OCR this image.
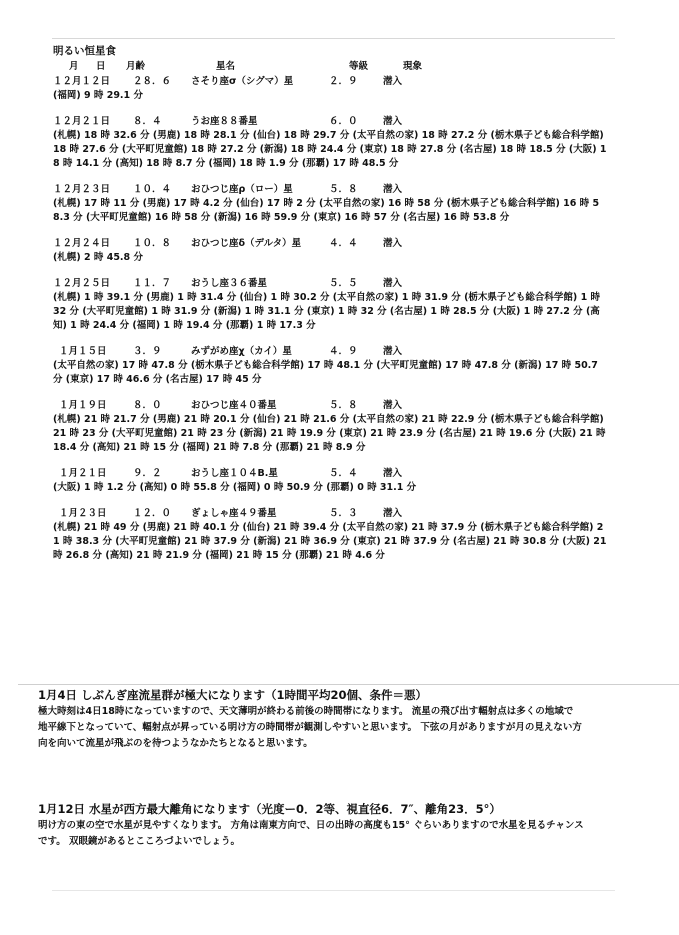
明るい恒星食
月	日	月齢	星名	等級	現象
１２月１２日 ２８．６ さそり座σ（シグマ）星	２．９	潜入
(福岡) 9 時 29.1 分
１２月２１日 ８．４	うお座８８番星	６．０	潜入
(札幌) 18 時 32.6 分 (男鹿) 18 時 28.1 分 (仙台) 18 時 29.7 分 (太平自然の家) 18 時 27.2 分 (栃木県子ども総合科学館) 18 時 27.6 分 (大平町児童館) 18 時 27.2 分 (新潟) 18 時 24.4 分 (東京) 18 時 27.8 分 (名古屋) 18 時 18.5 分 (大阪) 18 時 14.1 分 (高知) 18 時 8.7 分 (福岡) 18 時 1.9 分 (那覇) 17 時 48.5 分
１２月２３日 １０．４ おひつじ座ρ（ロー）星	５．８	潜入
(札幌) 17 時 11 分 (男鹿) 17 時 4.2 分 (仙台) 17 時 2 分 (太平自然の家) 16 時 58 分 (栃木県子ども総合科学館) 16 時 58.3 分 (大平町児童館) 16 時 58 分 (新潟) 16 時 59.9 分 (東京) 16 時 57 分 (名古屋) 16 時 53.8 分
１２月２４日 １０．８ おひつじ座δ（デルタ）星	４．４	潜入
(札幌) 2 時 45.8 分
１２月２５日 １１．７ おうし座３６番星	５．５	潜入
(札幌) 1 時 39.1 分 (男鹿) 1 時 31.4 分 (仙台) 1 時 30.2 分 (太平自然の家) 1 時 31.9 分 (栃木県子ども総合科学館) 1 時 32 分 (大平町児童館) 1 時 31.9 分 (新潟) 1 時 31.1 分 (東京) 1 時 32 分 (名古屋) 1 時 28.5 分 (大阪) 1 時 27.2 分 (高知) 1 時 24.4 分 (福岡) 1 時 19.4 分 (那覇) 1 時 17.3 分
１月１５日	３．９	みずがめ座χ（カイ）星	４．９	潜入
(太平自然の家) 17 時 47.8 分 (栃木県子ども総合科学館) 17 時 48.1 分 (大平町児童館) 17 時 47.8 分 (新潟) 17 時 50.7 分 (東京) 17 時 46.6 分 (名古屋) 17 時 45 分
１月１９日	８．０	おひつじ座４０番星	５．８	潜入
(札幌) 21 時 21.7 分 (男鹿) 21 時 20.1 分 (仙台) 21 時 21.6 分 (太平自然の家) 21 時 22.9 分 (栃木県子ども総合科学館) 21 時 23 分 (大平町児童館) 21 時 23 分 (新潟) 21 時 19.9 分 (東京) 21 時 23.9 分 (名古屋) 21 時 19.6 分 (大阪) 21 時 18.4 分 (高知) 21 時 15 分 (福岡) 21 時 7.8 分 (那覇) 21 時 8.9 分
１月２１日	９．２	おうし座１０４B.星	５．４	潜入
(大阪) 1 時 1.2 分 (高知) 0 時 55.8 分 (福岡) 0 時 50.9 分 (那覇) 0 時 31.1 分
１月２３日	１２．０ ぎょしゃ座４９番星	５．３	潜入
(札幌) 21 時 49 分 (男鹿) 21 時 40.1 分 (仙台) 21 時 39.4 分 (太平自然の家) 21 時 37.9 分 (栃木県子ども総合科学館) 21 時 38.3 分 (大平町児童館) 21 時 37.9 分 (新潟) 21 時 36.9 分 (東京) 21 時 37.9 分 (名古屋) 21 時 30.8 分 (大阪) 21 時 26.8 分 (高知) 21 時 21.9 分 (福岡) 21 時 15 分 (那覇) 21 時 4.6 分
1月4日 しぶんぎ座流星群が極大になります（1時間平均20個、条件＝悪）

極大時刻は4日18時になっていますので、天文薄明が終わる前後の時間帯になります。 流星の飛び出す輻射点は多くの地域で

地平線下となっていて、輻射点が昇っている明け方の時間帯が観測しやすいと思います。 下弦の月がありますが月の見えない方

向を向いて流星が飛ぶのを待つようなかたちとなると思います。

1月12日 水星が西方最大離角になります（光度ー0．2等、視直径6．7″、離角23．5°）

明け方の東の空で水星が見やすくなります。 方角は南東方向で、日の出時の高度も15° ぐらいありますので水星を見るチャンス

です。 双眼鏡があるとこころづよいでしょう。
